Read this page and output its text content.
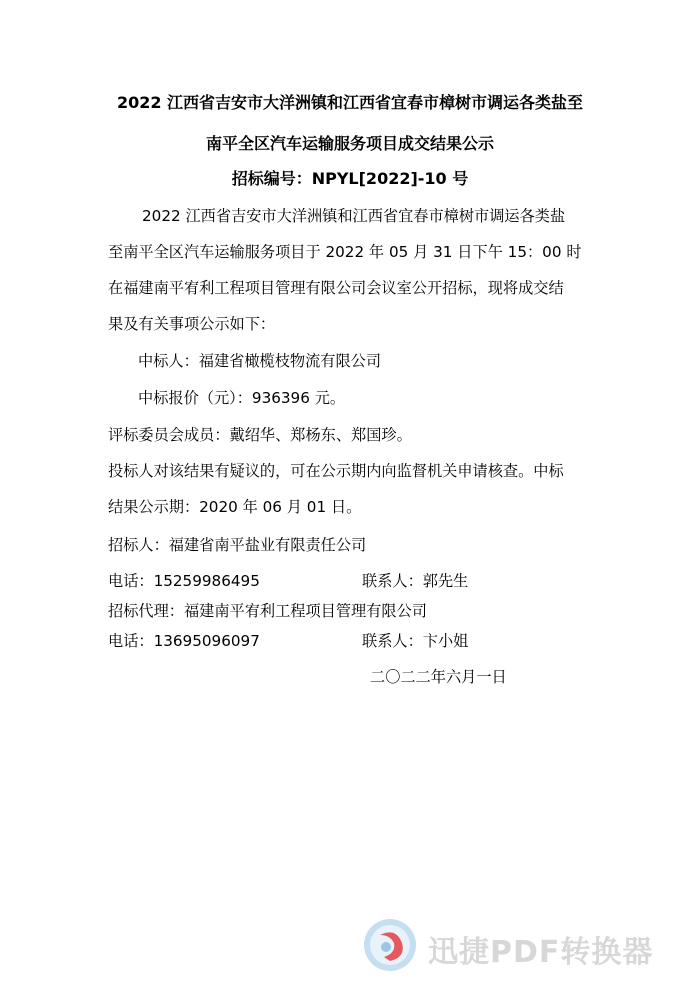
2022 江西省吉安市大洋洲镇和江西省宜春市樟树市调运各类盐至
南平全区汽车运输服务项目成交结果公示
招标编号：NPYL[2022]-10 号
2022 江西省吉安市大洋洲镇和江西省宜春市樟树市调运各类盐
至南平全区汽车运输服务项目于 2022 年 05 月 31 日下午 15：00 时
在福建南平宥利工程项目管理有限公司会议室公开招标，现将成交结
果及有关事项公示如下：
中标人：福建省橄榄枝物流有限公司
中标报价（元）：936396 元。
评标委员会成员：戴绍华、郑杨东、郑国珍。
投标人对该结果有疑议的，可在公示期内向监督机关申请核查。中标
结果公示期：2020 年 06 月 01 日。
招标人：福建省南平盐业有限责任公司
电话：15259986495	联系人：郭先生
招标代理：福建南平宥利工程项目管理有限公司
电话：13695096097	联系人：卞小姐
二〇二二年六月一日
迅捷PDF转换器
